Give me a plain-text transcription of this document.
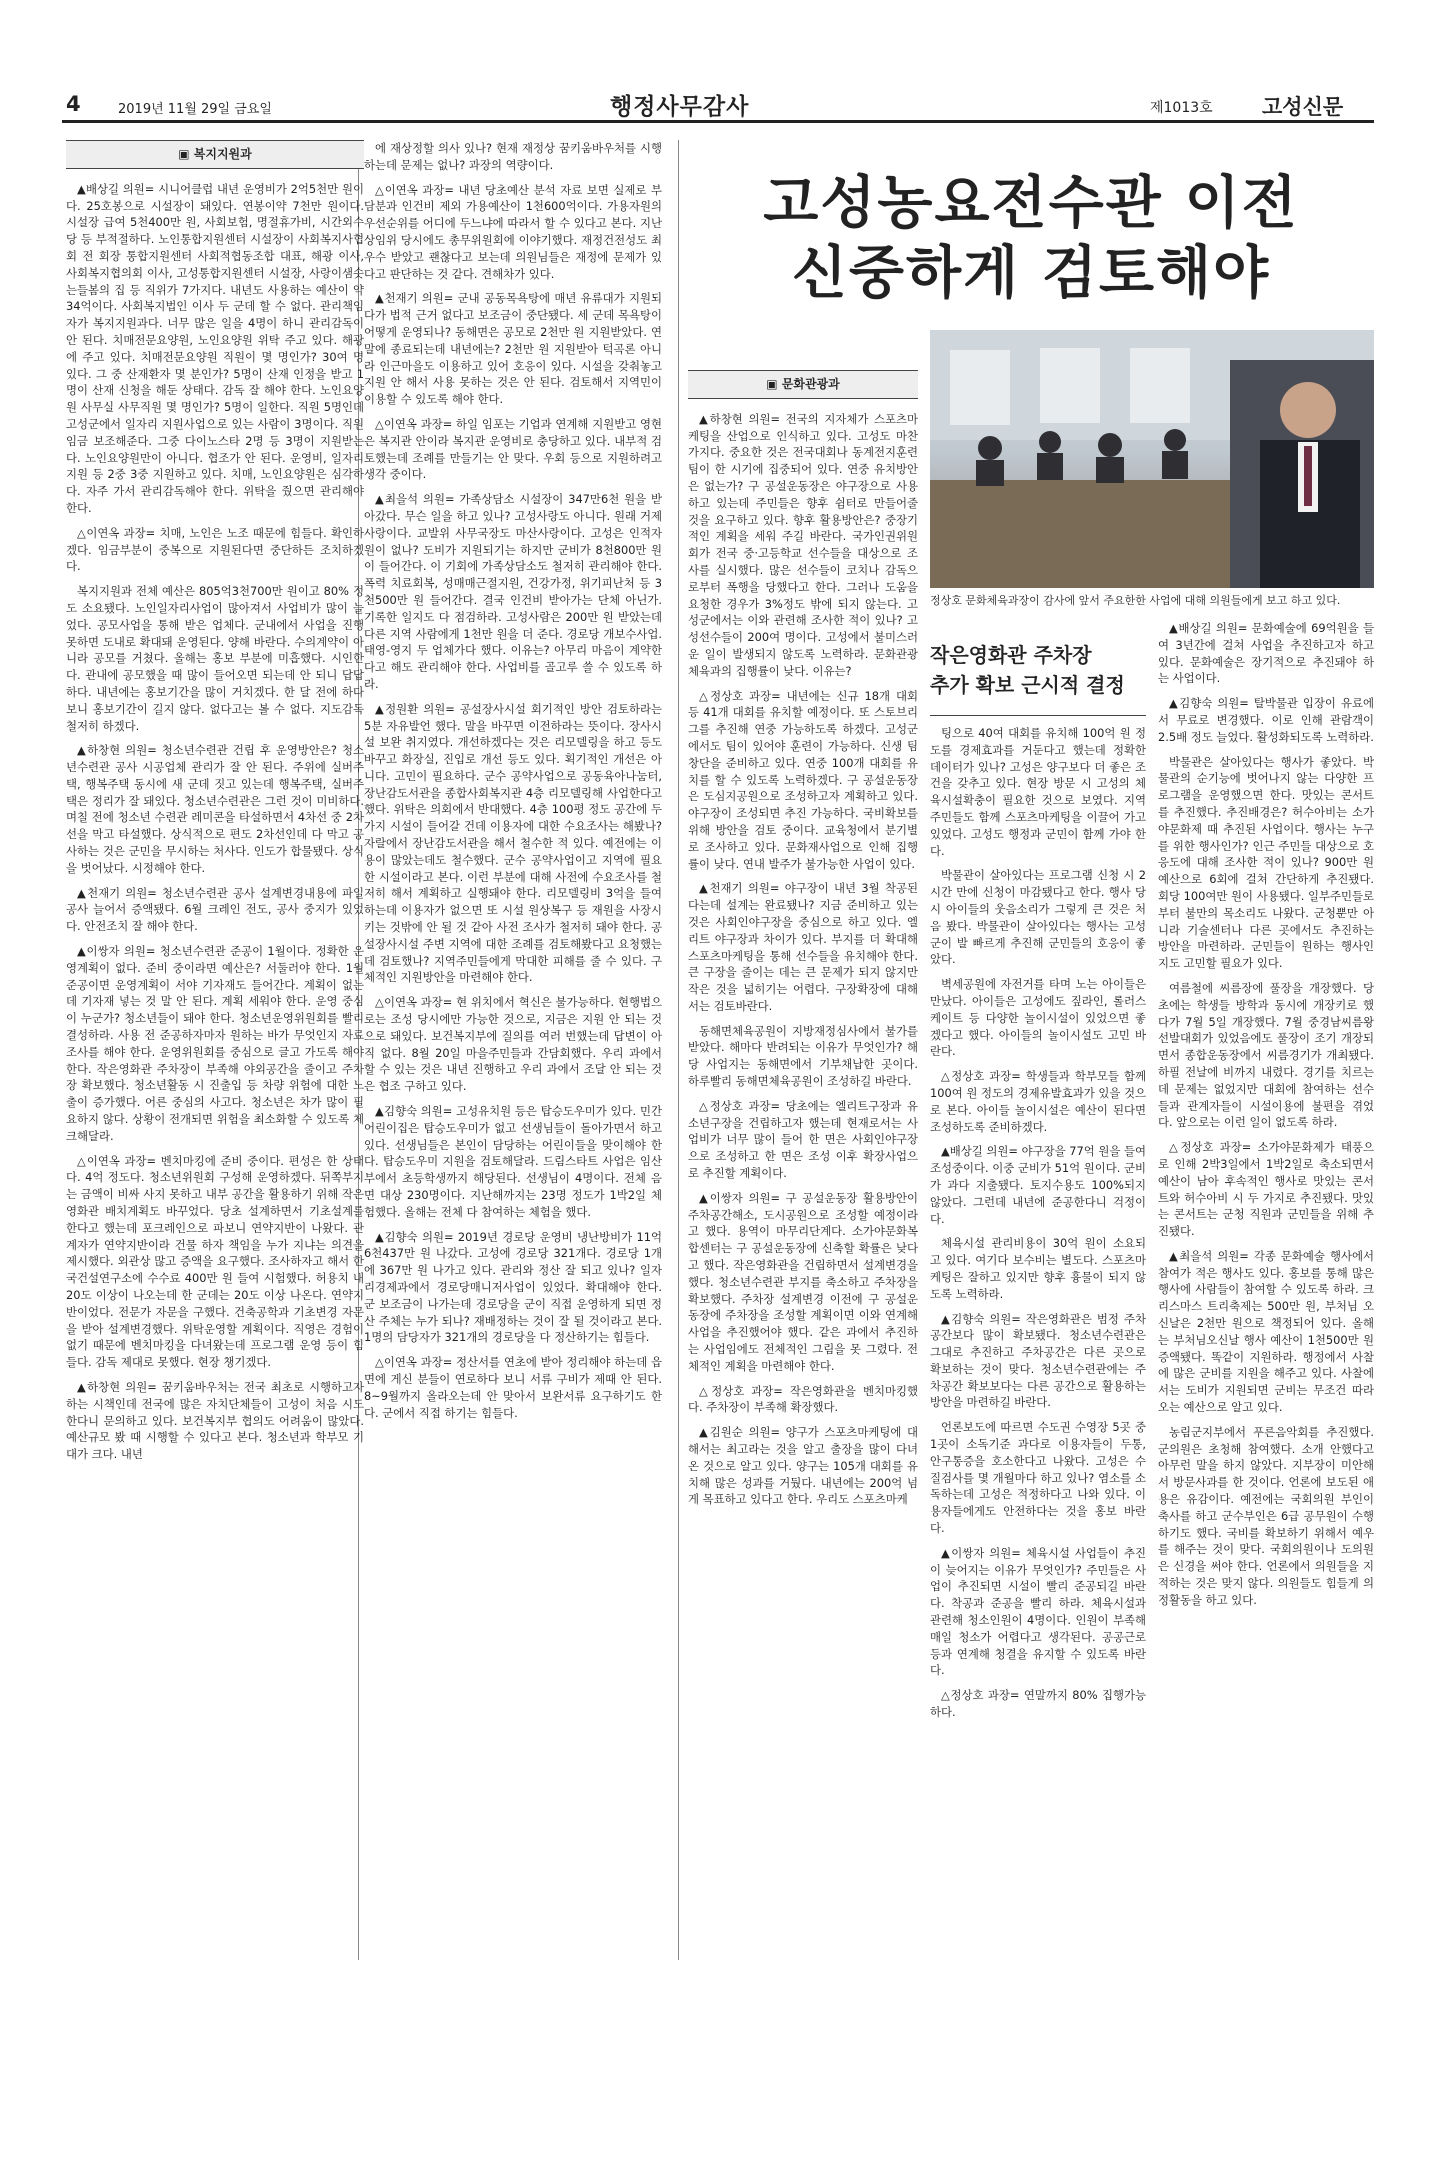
4	2019년 11월 29일 금요일	행정사무감사	제1013호 고성신문
▣ 복지지원과

▲배상길 의원= 시니어클럽 내년 운영비가 2억5천만 원이다. 25호봉으로 시설장이 돼있다. 연봉이약 7천만 원이다. 시설장 급여 5천400만 원, 사회보험, 명절휴가비, 시간외수당 등 부적절하다. 노인통합지원센터 시설장이 사회복지사협회 전 회장 통합지원센터 사회적협동조합 대표, 해광 이사, 사회복지협의회 이사, 고성통합지원센터 시설장, 사랑이샘솟는들봄의 집 등 직위가 7가지다. 내년도 사용하는 예산이 약 34억이다. 사회복지법인 이사 두 군데 할 수 없다. 관리책임자가 복지지원과다. 너무 많은 일을 4명이 하니 관리감독이 안 된다. 치매전문요양원, 노인요양원 위탁 주고 있다. 해광에 주고 있다. 치매전문요양원 직원이 몇 명인가? 30여 명 있다. 그 중 산재환자 몇 분인가? 5명이 산재 인정을 받고 1명이 산재 신청을 해둔 상태다. 감독 잘 해야 한다. 노인요양원 사무실 사무직원 몇 명인가? 5명이 일한다. 직원 5명인데 고성군에서 일자리 지원사업으로 있는 사람이 3명이다. 직원임금 보조해준다. 그중 다이노스타 2명 등 3명이 지원받는다. 노인요양원만이 아니다. 협조가 안 된다. 운영비, 일자리 지원 등 2중 3중 지원하고 있다. 치매, 노인요양원은 심각하다. 자주 가서 관리감독해야 한다. 위탁을 줬으면 관리해야 한다.

△이연옥 과장= 치매, 노인은 노조 때문에 힘들다. 확인하겠다. 임금부분이 중복으로 지원된다면 중단하든 조치하겠다.

복지지원과 전체 예산은 805억3천700만 원이고 80% 정도 소요됐다. 노인일자리사업이 많아져서 사업비가 많이 늘었다. 공모사업을 통해 받은 업체다. 군내에서 사업을 진행 못하면 도내로 확대돼 운영된다. 양해 바란다. 수의계약이 아니라 공모를 거쳤다. 올해는 홍보 부분에 미흡했다. 시인한다. 관내에 공모했을 때 많이 들어오면 되는데 안 되니 답답하다. 내년에는 홍보기간을 많이 거치겠다. 한 달 전에 하다 보니 홍보기간이 길지 않다. 없다고는 볼 수 없다. 지도감독 철저히 하겠다.

▲하창현 의원= 청소년수련관 건립 후 운영방안은? 청소년수련관 공사 시공업체 관리가 잘 안 된다. 주위에 실버주택, 행복주택 동시에 새 군데 짓고 있는데 행복주택, 실버주택은 정리가 잘 돼있다. 청소년수련관은 그런 것이 미비하다. 며칠 전에 청소년 수련관 레미콘을 타설하면서 4차선 중 2차선을 막고 타설했다. 상식적으로 편도 2차선인데 다 막고 공사하는 것은 군민을 무시하는 처사다. 인도가 합물됐다. 상식을 벗어났다. 시정해야 한다.

▲천재기 의원= 청소년수련관 공사 설계변경내용에 파일공사 늘어서 증액됐다. 6월 크레인 전도, 공사 중지가 있었다. 안전조치 잘 해야 한다.

▲이쌍자 의원= 청소년수련관 준공이 1월이다. 정확한 운영계획이 없다. 준비 중이라면 예산은? 서둘러야 한다. 1월 준공이면 운영계획이 서야 기자재도 들어간다. 계획이 없는데 기자재 넣는 것 말 안 된다. 계획 세워야 한다. 운영 중심이 누군가? 청소년들이 돼야 한다. 청소년운영위원회를 빨리 결성하라. 사용 전 준공하자마자 원하는 바가 무엇인지 자료조사를 해야 한다. 운영위원회를 중심으로 글고 가도록 해야 한다. 작은영화관 주차장이 부족해 야외공간을 줄이고 주차장 확보했다. 청소년활동 시 진출입 등 차량 위험에 대한 노출이 증가했다. 어른 중심의 사고다. 청소년은 차가 많이 필요하지 않다. 상황이 전개되면 위험을 최소화할 수 있도록 체크해달라.

△이연옥 과장= 벤치마킹에 준비 중이다. 편성은 한 상태다. 4억 정도다. 청소년위원회 구성해 운영하겠다. 뒤쪽부지는 금액이 비싸 사지 못하고 내부 공간을 활용하기 위해 작은 영화관 배치계획도 바꾸었다. 당초 설계하면서 기초설계를 한다고 했는데 포크레인으로 파보니 연약지반이 나왔다. 관계자가 연약지반이라 건물 하자 책임을 누가 지냐는 의견을 제시했다. 외관상 많고 증액을 요구했다. 조사하자고 해서 한국건설연구소에 수수료 400만 원 들여 시험했다. 허용치 내 20도 이상이 나오는데 한 군데는 20도 이상 나온다. 연약지반이었다. 전문가 자문을 구했다. 건축공학과 기초변경 자문을 받아 설계변경했다. 위탁운영할 계획이다. 직영은 경험이 없기 때문에 벤치마킹을 다녀왔는데 프로그램 운영 등이 힘들다. 감독 제대로 못했다. 현장 챙기겠다.

▲하창현 의원= 꿈키움바우처는 전국 최초로 시행하고자 하는 시책인데 전국에 많은 자치단체들이 고성이 처음 시도한다니 문의하고 있다. 보건복지부 협의도 어려움이 많았다. 예산규모 봤 때 시행할 수 있다고 본다. 청소년과 학부모 기대가 크다. 내년

에 재상정할 의사 있나? 현재 재정상 꿈키움바우처를 시행하는데 문제는 없나? 과장의 역량이다.

△이연옥 과장= 내년 당초예산 분석 자료 보면 실제로 부담분과 인건비 제외 가용예산이 1천600억이다. 가용자원의 우선순위를 어디에 두느냐에 따라서 할 수 있다고 본다. 지난 상임위 당시에도 총무위원회에 이야기했다. 재정건전성도 최우수 받았고 괜찮다고 보는데 의원님들은 재정에 문제가 있다고 판단하는 것 같다. 견해차가 있다.

▲천재기 의원= 군내 공동목욕탕에 매년 유류대가 지원되다가 법적 근거 없다고 보조금이 중단됐다. 세 군데 목욕탕이 어떻게 운영되나? 동해면은 공모로 2천만 원 지원받았다. 연말에 종료되는데 내년에는? 2천만 원 지원받아 턱곡론 아니라 인근마을도 이용하고 있어 호응이 있다. 시설을 갖춰놓고 지원 안 해서 사용 못하는 것은 안 된다. 검토해서 지역민이 이용할 수 있도록 해야 한다.

△이연옥 과장= 하일 임포는 기업과 연계해 지원받고 영현은 복지관 안이라 복지관 운영비로 충당하고 있다. 내부적 검토했는데 조례를 만들기는 안 맞다. 우회 등으로 지원하려고 생각 중이다.

▲최을석 의원= 가족상담소 시설장이 347만6천 원을 받아갔다. 무슨 일을 하고 있나? 고성사랑도 아니다. 원래 거제사랑이다. 교발위 사무국장도 마산사랑이다. 고성은 인적자원이 없나? 도비가 지원되기는 하지만 군비가 8천800만 원이 들어간다. 이 기회에 가족상담소도 철저히 관리해야 한다. 폭력 치료회복, 성매매근절지원, 건강가정, 위기피난처 등 3천500만 원 들어간다. 결국 인건비 받아가는 단체 아닌가. 기록한 일지도 다 점검하라. 고성사람은 200만 원 받았는데 다른 지역 사람에게 1천만 원을 더 준다. 경로당 개보수사업. 태영-영지 두 업체가다 했다. 이유는? 아무리 마음이 계약한다고 해도 관리해야 한다. 사업비를 골고루 쓸 수 있도록 하라.

▲정원환 의원= 공설장사시설 회기적인 방안 검토하라는 5분 자유발언 했다. 말을 바꾸면 이전하라는 뜻이다. 장사시설 보완 취지였다. 개선하겠다는 것은 리모델링을 하고 등도 바꾸고 화장실, 진입로 개선 등도 있다. 획기적인 개선은 아니다. 고민이 필요하다. 군수 공약사업으로 공동육아나눔터, 장난감도서관을 종합사회복지관 4층 리모델링해 사업한다고 했다. 위탁은 의회에서 반대했다. 4층 100평 정도 공간에 두 가지 시설이 들어갈 건데 이용자에 대한 수요조사는 해봤나? 자랄에서 장난감도서관을 해서 철수한 적 있다. 예전에는 이용이 많았는데도 철수했다. 군수 공약사업이고 지역에 필요한 시설이라고 본다. 이런 부분에 대해 사전에 수요조사를 철저히 해서 계획하고 실행돼야 한다. 리모델링비 3억을 들여 하는데 이용자가 없으면 또 시설 원상복구 등 재원을 사장시키는 것밖에 안 될 것 같아 사전 조사가 철저히 돼야 한다. 공설장사시설 주변 지역에 대한 조례를 검토해봤다고 요청했는데 검토했나? 지역주민들에게 막대한 피해를 줄 수 있다. 구체적인 지원방안을 마련해야 한다.

△이연옥 과장= 현 위치에서 혁신은 불가능하다. 현행법으로는 조성 당시에만 가능한 것으로, 지금은 지원 안 되는 것으로 돼있다. 보건복지부에 질의를 여러 번했는데 답변이 아직 없다. 8월 20일 마을주민들과 간담회했다. 우리 과에서 할 수 있는 것은 내년 진행하고 우리 과에서 조달 안 되는 것은 협조 구하고 있다.

▲김향숙 의원= 고성유치원 등은 탑승도우미가 있다. 민간어린이집은 탑승도우미가 없고 선생님들이 돌아가면서 하고 있다. 선생님들은 본인이 담당하는 어린이들을 맞이해야 한다. 탑승도우미 지원을 검토해달라. 드림스타트 사업은 임산부에서 초등학생까지 해당된다. 선생님이 4명이다. 전체 음면 대상 230명이다. 지난해까지는 23명 정도가 1박2일 체험했다. 올해는 전체 다 참여하는 체험을 했다.

▲김향숙 의원= 2019년 경로당 운영비 냉난방비가 11억6천437만 원 나갔다. 고성에 경로당 321개다. 경로당 1개에 367만 원 나가고 있다. 관리와 정산 잘 되고 있나? 일자리경제과에서 경로당매니저사업이 있었다. 확대해야 한다. 군 보조금이 나가는데 경로당을 군이 직접 운영하게 되면 정산 주체는 누가 되나? 재배정하는 것이 잘 될 것이라고 본다. 1명의 담당자가 321개의 경로당을 다 정산하기는 힘들다.

△이연옥 과장= 정산서를 연초에 받아 정리해야 하는데 읍면에 게신 분들이 연로하다 보니 서류 구비가 제때 안 된다. 8~9월까지 올라오는데 안 맞아서 보완서류 요구하기도 한다. 군에서 직접 하기는 힘들다.

고성농요전수관 이전
신중하게 검토해야
▣ 문화관광과

▲하창현 의원= 전국의 지자체가 스포츠마케팅을 산업으로 인식하고 있다. 고성도 마찬가지다. 중요한 것은 전국대회나 동계전지훈련 팀이 한 시기에 집중되어 있다. 연중 유치방안은 없는가? 구 공설운동장은 야구장으로 사용하고 있는데 주민들은 향후 쉼터로 만들어줄 것을 요구하고 있다. 향후 활용방안은? 중장기적인 계획을 세워 주길 바란다. 국가인권위원회가 전국 중·고등학교 선수들을 대상으로 조사를 실시했다. 많은 선수들이 코치나 감독으로부터 폭행을 당했다고 한다. 그러나 도움을 요청한 경우가 3%정도 밖에 되지 않는다. 고성군에서는 이와 관련해 조사한 적이 있나? 고성선수들이 200여 명이다. 고성에서 불미스러운 일이 발생되지 않도록 노력하라. 문화관광체육과의 집행률이 낮다. 이유는?

△정상호 과장= 내년에는 신규 18개 대회 등 41개 대회를 유치할 예정이다. 또 스토브리그를 추진해 연중 가능하도록 하겠다. 고성군에서도 팀이 있어야 훈련이 가능하다. 신생 팀 창단을 준비하고 있다. 연중 100개 대회를 유치를 할 수 있도록 노력하겠다. 구 공설운동장은 도심지공원으로 조성하고자 계획하고 있다. 야구장이 조성되면 추진 가능하다. 국비확보를 위해 방안을 검토 중이다. 교육청에서 분기별로 조사하고 있다. 문화재사업으로 인해 집행률이 낮다. 연내 발주가 불가능한 사업이 있다.

▲천재기 의원= 야구장이 내년 3월 착공된다는데 설계는 완료됐나? 지금 준비하고 있는 것은 사회인야구장을 중심으로 하고 있다. 엘리트 야구장과 차이가 있다. 부지를 더 확대해 스포츠마케팅을 통해 선수들을 유치해야 한다. 큰 구장을 줄이는 데는 큰 문제가 되지 않지만 작은 것을 넓히기는 어렵다. 구장확장에 대해서는 검토바란다.

동해면체육공원이 지방재정심사에서 불가를 받았다. 해마다 반려되는 이유가 무엇인가? 해당 사업지는 동해면에서 기부채납한 곳이다. 하루빨리 동해면체육공원이 조성하길 바란다.

△정상호 과장= 당초에는 엘리트구장과 유소년구장을 건립하고자 했는데 현재로서는 사업비가 너무 많이 들어 한 면은 사회인야구장으로 조성하고 한 면은 조성 이후 확장사업으로 추진할 계획이다.

▲이쌍자 의원= 구 공설운동장 활용방안이 주차공간해소, 도시공원으로 조성할 예정이라고 했다. 용역이 마무리단계다. 소가야문화복합센터는 구 공설운동장에 신축할 확률은 낮다고 했다. 작은영화관을 건립하면서 설계변경을 했다. 청소년수련관 부지를 축소하고 주차장을 확보했다. 주차장 설계변경 이전에 구 공설운동장에 주차장을 조성할 계획이면 이와 연계해 사업을 추진했어야 했다. 같은 과에서 추진하는 사업임에도 전체적인 그림을 못 그렸다. 전체적인 계획을 마련해야 한다.

△정상호 과장= 작은영화관을 벤치마킹했다. 주차장이 부족해 확장했다.

▲김원순 의원= 양구가 스포츠마케팅에 대해서는 최고라는 것을 알고 출장을 많이 다녀온 것으로 알고 있다. 양구는 105개 대회를 유치해 많은 성과를 거뒀다. 내년에는 200억 넘게 목표하고 있다고 한다. 우리도 스포츠마케

정상호 문화체육과장이 감사에 앞서 주요한한 사업에 대해 의원들에게 보고 하고 있다.
작은영화관 주차장
추가 확보 근시적 결정

팅으로 40여 대회를 유치해 100억 원 정도를 경제효과를 거둔다고 했는데 정확한 데이터가 있나? 고성은 양구보다 더 좋은 조건을 갖추고 있다. 현장 방문 시 고성의 체육시설확충이 필요한 것으로 보였다. 지역주민들도 함께 스포츠마케팅을 이끌어 가고 있었다. 고성도 행정과 군민이 함께 가야 한다.

박물관이 살아있다는 프로그램 신청 시 2시간 만에 신청이 마감됐다고 한다. 행사 당시 아이들의 웃음소리가 그렇게 큰 것은 처음 봤다. 박물관이 살아있다는 행사는 고성군이 발 빠르게 추진해 군민들의 호응이 좋았다.

벽세공원에 자전거를 타며 노는 아이들은 만났다. 아이들은 고성에도 짚라인, 롤러스케이트 등 다양한 놀이시설이 있었으면 좋겠다고 했다. 아이들의 놀이시설도 고민 바란다.

△정상호 과장= 학생들과 학부모들 함께 100여 원 정도의 경제유발효과가 있을 것으로 본다. 아이들 놀이시설은 예산이 된다면 조성하도록 준비하겠다.

▲배상길 의원= 야구장을 77억 원을 들여 조성중이다. 이중 군비가 51억 원이다. 군비가 과다 지출됐다. 토지수용도 100%되지 않았다. 그런데 내년에 준공한다니 걱정이다.

체육시설 관리비용이 30억 원이 소요되고 있다. 여기다 보수비는 별도다. 스포츠마케팅은 잘하고 있지만 향후 흉물이 되지 않도록 노력하라.

▲김향숙 의원= 작은영화관은 범정 주차공간보다 많이 확보됐다. 청소년수련관은 그대로 추진하고 주차공간은 다른 곳으로 확보하는 것이 맞다. 청소년수련관에는 주차공간 확보보다는 다른 공간으로 활용하는 방안을 마련하길 바란다.

언론보도에 따르면 수도권 수영장 5곳 중 1곳이 소독기준 과다로 이용자들이 두통, 안구통증을 호소한다고 나왔다. 고성은 수질검사를 몇 개월마다 하고 있나? 염소를 소독하는데 고성은 적정하다고 나와 있다. 이용자들에게도 안전하다는 것을 홍보 바란다.

▲이쌍자 의원= 체육시설 사업들이 추진이 늦어지는 이유가 무엇인가? 주민들은 사업이 추진되면 시설이 빨리 준공되길 바란다. 착공과 준공을 빨리 하라. 체육시설과 관련해 청소인원이 4명이다. 인원이 부족해 매일 청소가 어렵다고 생각된다. 공공근로 등과 연계해 청결을 유지할 수 있도록 바란다.

△정상호 과장= 연말까지 80% 집행가능하다.

▲배상길 의원= 문화예술에 69억원을 들여 3년간에 걸쳐 사업을 추진하고자 하고 있다. 문화예술은 장기적으로 추진돼야 하는 사업이다.

▲김향숙 의원= 탈박물관 입장이 유료에서 무료로 변경했다. 이로 인해 관람객이 2.5배 정도 늘었다. 활성화되도록 노력하라.

박물관은 살아있다는 행사가 좋았다. 박물관의 순기능에 벗어나지 않는 다양한 프로그램을 운영했으면 한다. 맛있는 콘서트를 추진했다. 추진배경은? 허수아비는 소가야문화제 때 추진된 사업이다. 행사는 누구를 위한 행사인가? 인근 주민들 대상으로 호응도에 대해 조사한 적이 있나? 900만 원 예산으로 6회에 걸쳐 간단하게 추진됐다. 회당 100여만 원이 사용됐다. 일부주민들로부터 불만의 목소리도 나왔다. 군청뿐만 아니라 기술센터나 다른 곳에서도 추진하는 방안을 마련하라. 군민들이 원하는 행사인지도 고민할 필요가 있다.

여름철에 씨름장에 풀장을 개장했다. 당초에는 학생들 방학과 동시에 개장키로 했다가 7월 5일 개장했다. 7월 중경남씨름왕 선발대회가 있었음에도 풀장이 조기 개장되면서 종합운동장에서 씨름경기가 개최됐다. 하필 전날에 비까지 내렸다. 경기를 치르는데 문제는 없었지만 대회에 참여하는 선수들과 관계자들이 시설이용에 불편을 겪었다. 앞으로는 이런 일이 없도록 하라.

△정상호 과장= 소가야문화제가 태풍으로 인해 2박3일에서 1박2일로 축소되면서 예산이 남아 후속적인 행사로 맛있는 콘서트와 허수아비 시 두 가지로 추진됐다. 맛있는 콘서트는 군청 직원과 군민들을 위해 추진됐다.

▲최을석 의원= 각종 문화예술 행사에서 참여가 적은 행사도 있다. 홍보를 통해 많은 행사에 사람들이 참여할 수 있도록 하라. 크리스마스 트리축제는 500만 원, 부처님 오신날은 2천만 원으로 책정되어 있다. 올해는 부처님오신날 행사 예산이 1천500만 원 증액됐다. 똑같이 지원하라. 행정에서 사찰에 많은 군비를 지원을 해주고 있다. 사찰에서는 도비가 지원되면 군비는 무조건 따라 오는 예산으로 알고 있다.

농림군지부에서 푸른음악회를 추진했다. 군의원은 초청해 참여했다. 소개 안했다고 아무런 말을 하지 않았다. 지부장이 미안해서 방문사과를 한 것이다. 언론에 보도된 애용은 유감이다. 예전에는 국회의원 부인이 축사를 하고 군수부인은 6급 공무원이 수행하기도 했다. 국비를 확보하기 위해서 예우를 해주는 것이 맞다. 국회의원이나 도의원은 신경을 써야 한다. 언론에서 의원들을 지적하는 것은 맞지 않다. 의원들도 힘들게 의정활동을 하고 있다.
